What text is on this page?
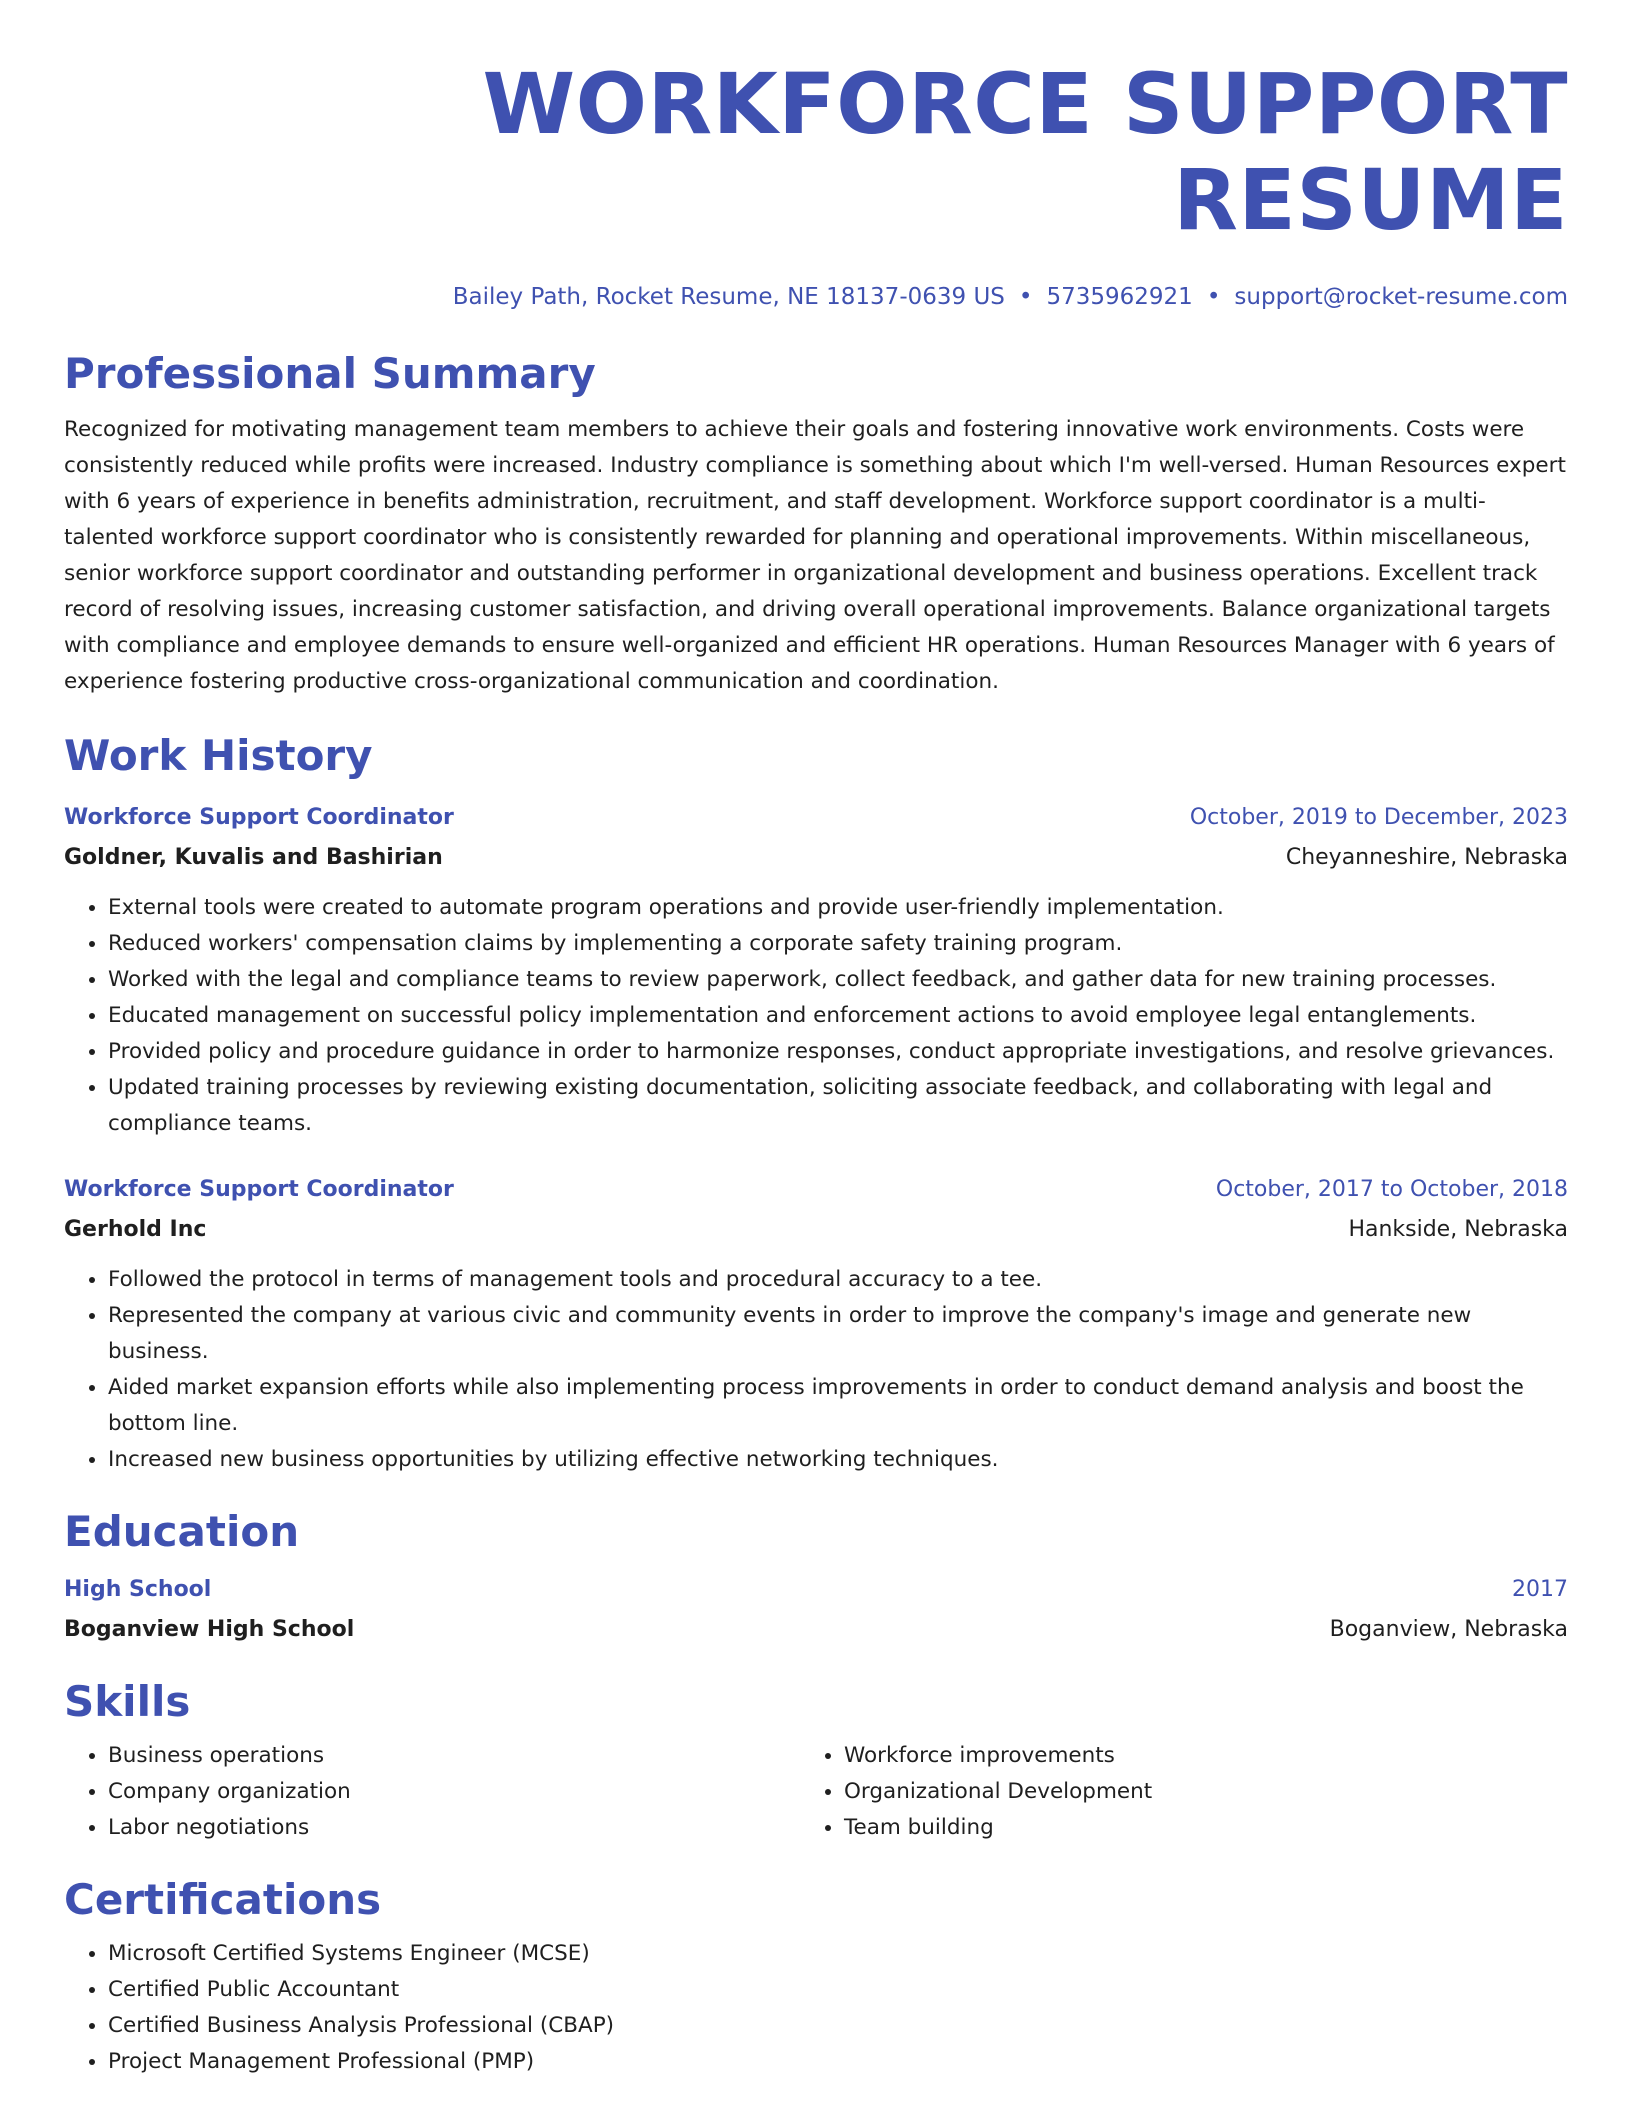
WORKFORCE SUPPORT RESUME
Bailey Path, Rocket Resume, NE 18137-0639 US • 5735962921 • support@rocket-resume.com
Professional Summary

Recognized for motivating management team members to achieve their goals and fostering innovative work environments. Costs were consistently reduced while profits were increased. Industry compliance is something about which I'm well-versed. Human Resources expert with 6 years of experience in benefits administration, recruitment, and staff development. Workforce support coordinator is a multi-talented workforce support coordinator who is consistently rewarded for planning and operational improvements. Within miscellaneous, senior workforce support coordinator and outstanding performer in organizational development and business operations. Excellent track record of resolving issues, increasing customer satisfaction, and driving overall operational improvements. Balance organizational targets with compliance and employee demands to ensure well-organized and efficient HR operations. Human Resources Manager with 6 years of experience fostering productive cross-organizational communication and coordination.

Work History
Workforce Support Coordinator	October, 2019 to December, 2023
Goldner, Kuvalis and Bashirian	Cheyanneshire, Nebraska
• External tools were created to automate program operations and provide user-friendly implementation.
• Reduced workers' compensation claims by implementing a corporate safety training program.
• Worked with the legal and compliance teams to review paperwork, collect feedback, and gather data for new training processes.
• Educated management on successful policy implementation and enforcement actions to avoid employee legal entanglements.
• Provided policy and procedure guidance in order to harmonize responses, conduct appropriate investigations, and resolve grievances.
• Updated training processes by reviewing existing documentation, soliciting associate feedback, and collaborating with legal and compliance teams.
Workforce Support Coordinator	October, 2017 to October, 2018
Gerhold Inc	Hankside, Nebraska
• Followed the protocol in terms of management tools and procedural accuracy to a tee.
• Represented the company at various civic and community events in order to improve the company's image and generate new business.
• Aided market expansion efforts while also implementing process improvements in order to conduct demand analysis and boost the bottom line.
• Increased new business opportunities by utilizing effective networking techniques.
Education
High School	2017
Boganview High School	Boganview, Nebraska
Skills
• Business operations
• Company organization
• Labor negotiations
• Workforce improvements
• Organizational Development
• Team building
Certifications
• Microsoft Certified Systems Engineer (MCSE)
• Certified Public Accountant
• Certified Business Analysis Professional (CBAP)
• Project Management Professional (PMP)
